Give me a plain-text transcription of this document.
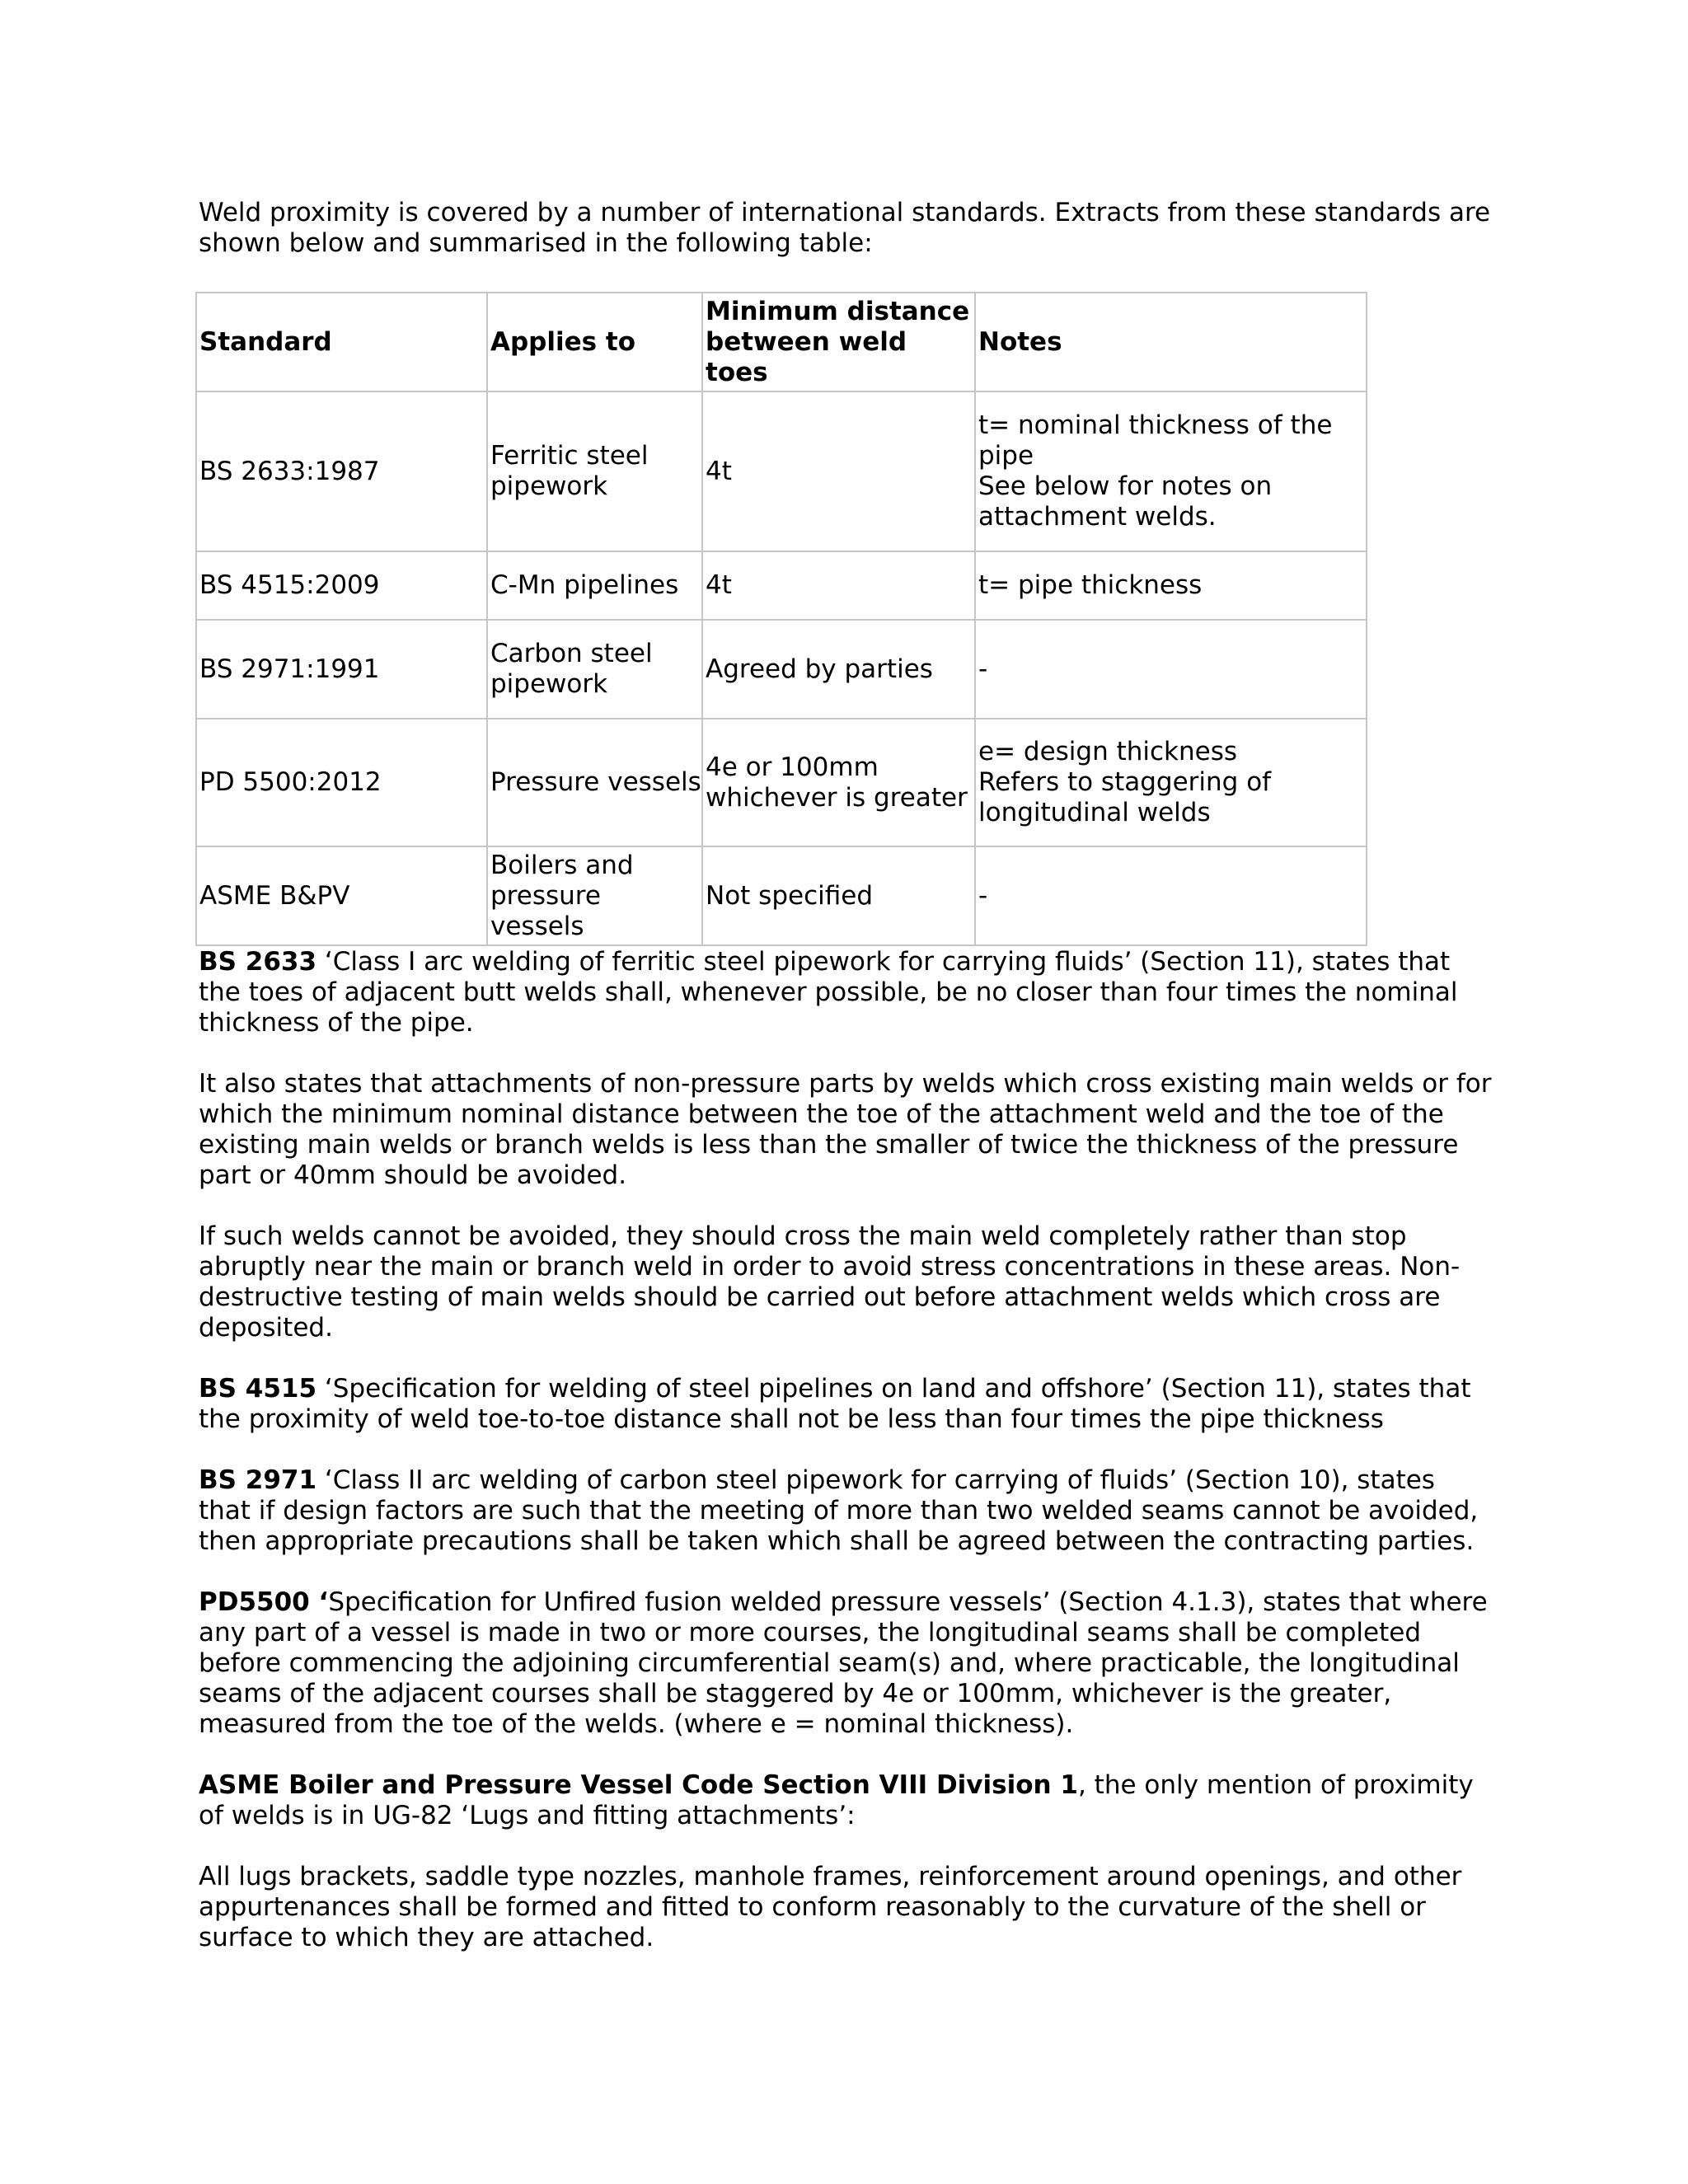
Weld proximity is covered by a number of international standards. Extracts from these standards are shown below and summarised in the following table:

Standard	Applies to	Minimum distance between weld toes	Notes
BS 2633:1987	Ferritic steel pipework	4t	t= nominal thickness of the pipe
See below for notes on attachment welds.

BS 4515:2009	C-Mn pipelines	4t	t= pipe thickness
BS 2971:1991	Carbon steel pipework	Agreed by parties	-
PD 5500:2012	Pressure vessels	4e or 100mm whichever is greater	e= design thickness
Refers to staggering of longitudinal welds

ASME B&PV	Boilers and pressure vessels	Not specified	-

BS 2633 ‘Class I arc welding of ferritic steel pipework for carrying fluids’ (Section 11), states that the toes of adjacent butt welds shall, whenever possible, be no closer than four times the nominal thickness of the pipe.

It also states that attachments of non-pressure parts by welds which cross existing main welds or for which the minimum nominal distance between the toe of the attachment weld and the toe of the existing main welds or branch welds is less than the smaller of twice the thickness of the pressure part or 40mm should be avoided.

If such welds cannot be avoided, they should cross the main weld completely rather than stop abruptly near the main or branch weld in order to avoid stress concentrations in these areas. Non-destructive testing of main welds should be carried out before attachment welds which cross are deposited.

BS 4515 ‘Specification for welding of steel pipelines on land and offshore’ (Section 11), states that the proximity of weld toe-to-toe distance shall not be less than four times the pipe thickness

BS 2971 ‘Class II arc welding of carbon steel pipework for carrying of fluids’ (Section 10), states that if design factors are such that the meeting of more than two welded seams cannot be avoided, then appropriate precautions shall be taken which shall be agreed between the contracting parties.

PD5500 ‘Specification for Unfired fusion welded pressure vessels’ (Section 4.1.3), states that where any part of a vessel is made in two or more courses, the longitudinal seams shall be completed before commencing the adjoining circumferential seam(s) and, where practicable, the longitudinal seams of the adjacent courses shall be staggered by 4e or 100mm, whichever is the greater, measured from the toe of the welds. (where e = nominal thickness).

ASME Boiler and Pressure Vessel Code Section VIII Division 1, the only mention of proximity of welds is in UG-82 ‘Lugs and fitting attachments’:

All lugs brackets, saddle type nozzles, manhole frames, reinforcement around openings, and other appurtenances shall be formed and fitted to conform reasonably to the curvature of the shell or surface to which they are attached.
